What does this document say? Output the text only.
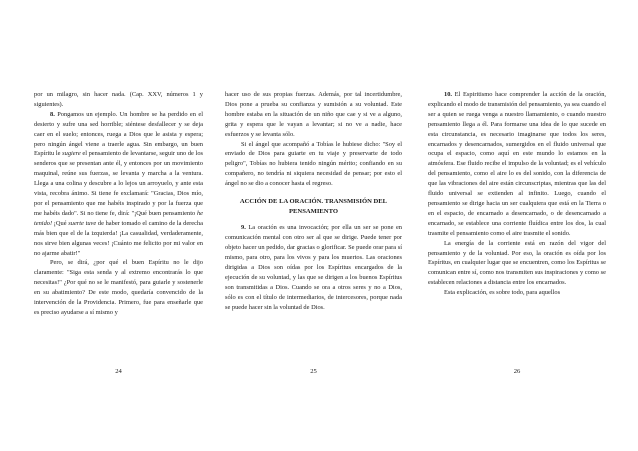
por un milagro, sin hacer nada. (Cap. XXV, números 1 y siguientes).

8. Pongamos un ejemplo. Un hombre se ha perdido en el desierto y sufre una sed horrible; siéntese desfallecer y se deja caer en el suelo; entonces, ruega a Dios que le asista y espera; pero ningún ángel viene a traerle agua. Sin embargo, un buen Espíritu le sugiere el pensamiento de levantarse, seguir uno de los senderos que se presentan ante él, y entonces por un movimiento maquinal, reúne sus fuerzas, se levanta y marcha a la ventura. Llega a una colina y descubre a lo lejos un arroyuelo, y ante esta vista, recobra ánimo. Si tiene fe exclamará: "Gracias, Dios mío, por el pensamiento que me habéis inspirado y por la fuerza que me habéis dado". Si no tiene fe, dirá: "¡Qué buen pensamiento he tenido! ¡Qué suerte tuve de haber tomado el camino de la derecha más bien que el de la izquierda! ¡La casualidad, verdaderamente, nos sirve bien algunas veces! ¡Cuánto me felicito por mi valor en no ajarme abatir!"

Pero, se dirá, ¿por qué el buen Espíritu no le dijo claramente: "Siga esta senda y al extremo encontrarás lo que necesitas!" ¿Por qué no se le manifestó, para guiarle y sostenerle en su abatimiento? De este modo, quedaría convencido de la intervención de la Providencia. Primero, fue para enseñarle que es preciso ayudarse a sí mismo y

24

hacer uso de sus propias fuerzas. Además, por tal incertidumbre, Dios pone a prueba su confianza y sumisión a su voluntad. Este hombre estaba en la situación de un niño que cae y si ve a alguno, grita y espera que le vayan a levantar; si no ve a nadie, hace esfuerzos y se levanta sólo.

Si el ángel que acompañó a Tobías le hubiese dicho: "Soy el enviado de Dios para guiarte en tu viaje y preservarte de todo peligro", Tobías no hubiera tenido ningún mérito; confiando en su compañero, no tendría ni siquiera necesidad de pensar; por esto el ángel no se dio a conocer hasta el regreso.

ACCIÓN DE LA ORACIÓN. TRANSMISIÓN DEL PENSAMIENTO

9. La oración es una invocación; por ella un ser se pone en comunicación mental con otro ser al que se dirige. Puede tener por objeto hacer un pedido, dar gracias o glorificar. Se puede orar para sí mismo, para otro, para los vivos y para los muertos. Las oraciones dirigidas a Dios son oídas por los Espíritus encargados de la ejecución de su voluntad, y las que se dirigen a los buenos Espíritus son transmitidas a Dios. Cuando se ora a otros seres y no a Dios, sólo es con el título de intermediarios, de intercesores, porque nada se puede hacer sin la voluntad de Dios.

25

10. El Espiritismo hace comprender la acción de la oración, explicando el modo de transmisión del pensamiento, ya sea cuando el ser a quien se ruega venga a nuestro llamamiento, o cuando nuestro pensamiento llega a él. Para formarse una idea de lo que sucede en esta circunstancia, es necesario imaginarse que todos los seres, encarnados y desencarnados, sumergidos en el fluido universal que ocupa el espacio, como aquí en este mundo lo estamos en la atmósfera. Ese fluido recibe el impulso de la voluntad; es el vehículo del pensamiento, como el aire lo es del sonido, con la diferencia de que las vibraciones del aire están circunscriptas, mientras que las del fluido universal se extienden al infinito. Luego, cuando el pensamiento se dirige hacia un ser cualquiera que está en la Tierra o en el espacio, de encarnado a desencarnado, o de desencarnado a encarnado, se establece una corriente fluídica entre los dos, la cual trasmite el pensamiento como el aire trasmite el sonido.

La energía de la corriente está en razón del vigor del pensamiento y de la voluntad. Por eso, la oración es oída por los Espíritus, en cualquier lugar que se encuentren, como los Espíritus se comunican entre sí, como nos transmiten sus inspiraciones y como se establecen relaciones a distancia entre los encarnados.

Esta explicación, es sobre todo, para aquellos

26
